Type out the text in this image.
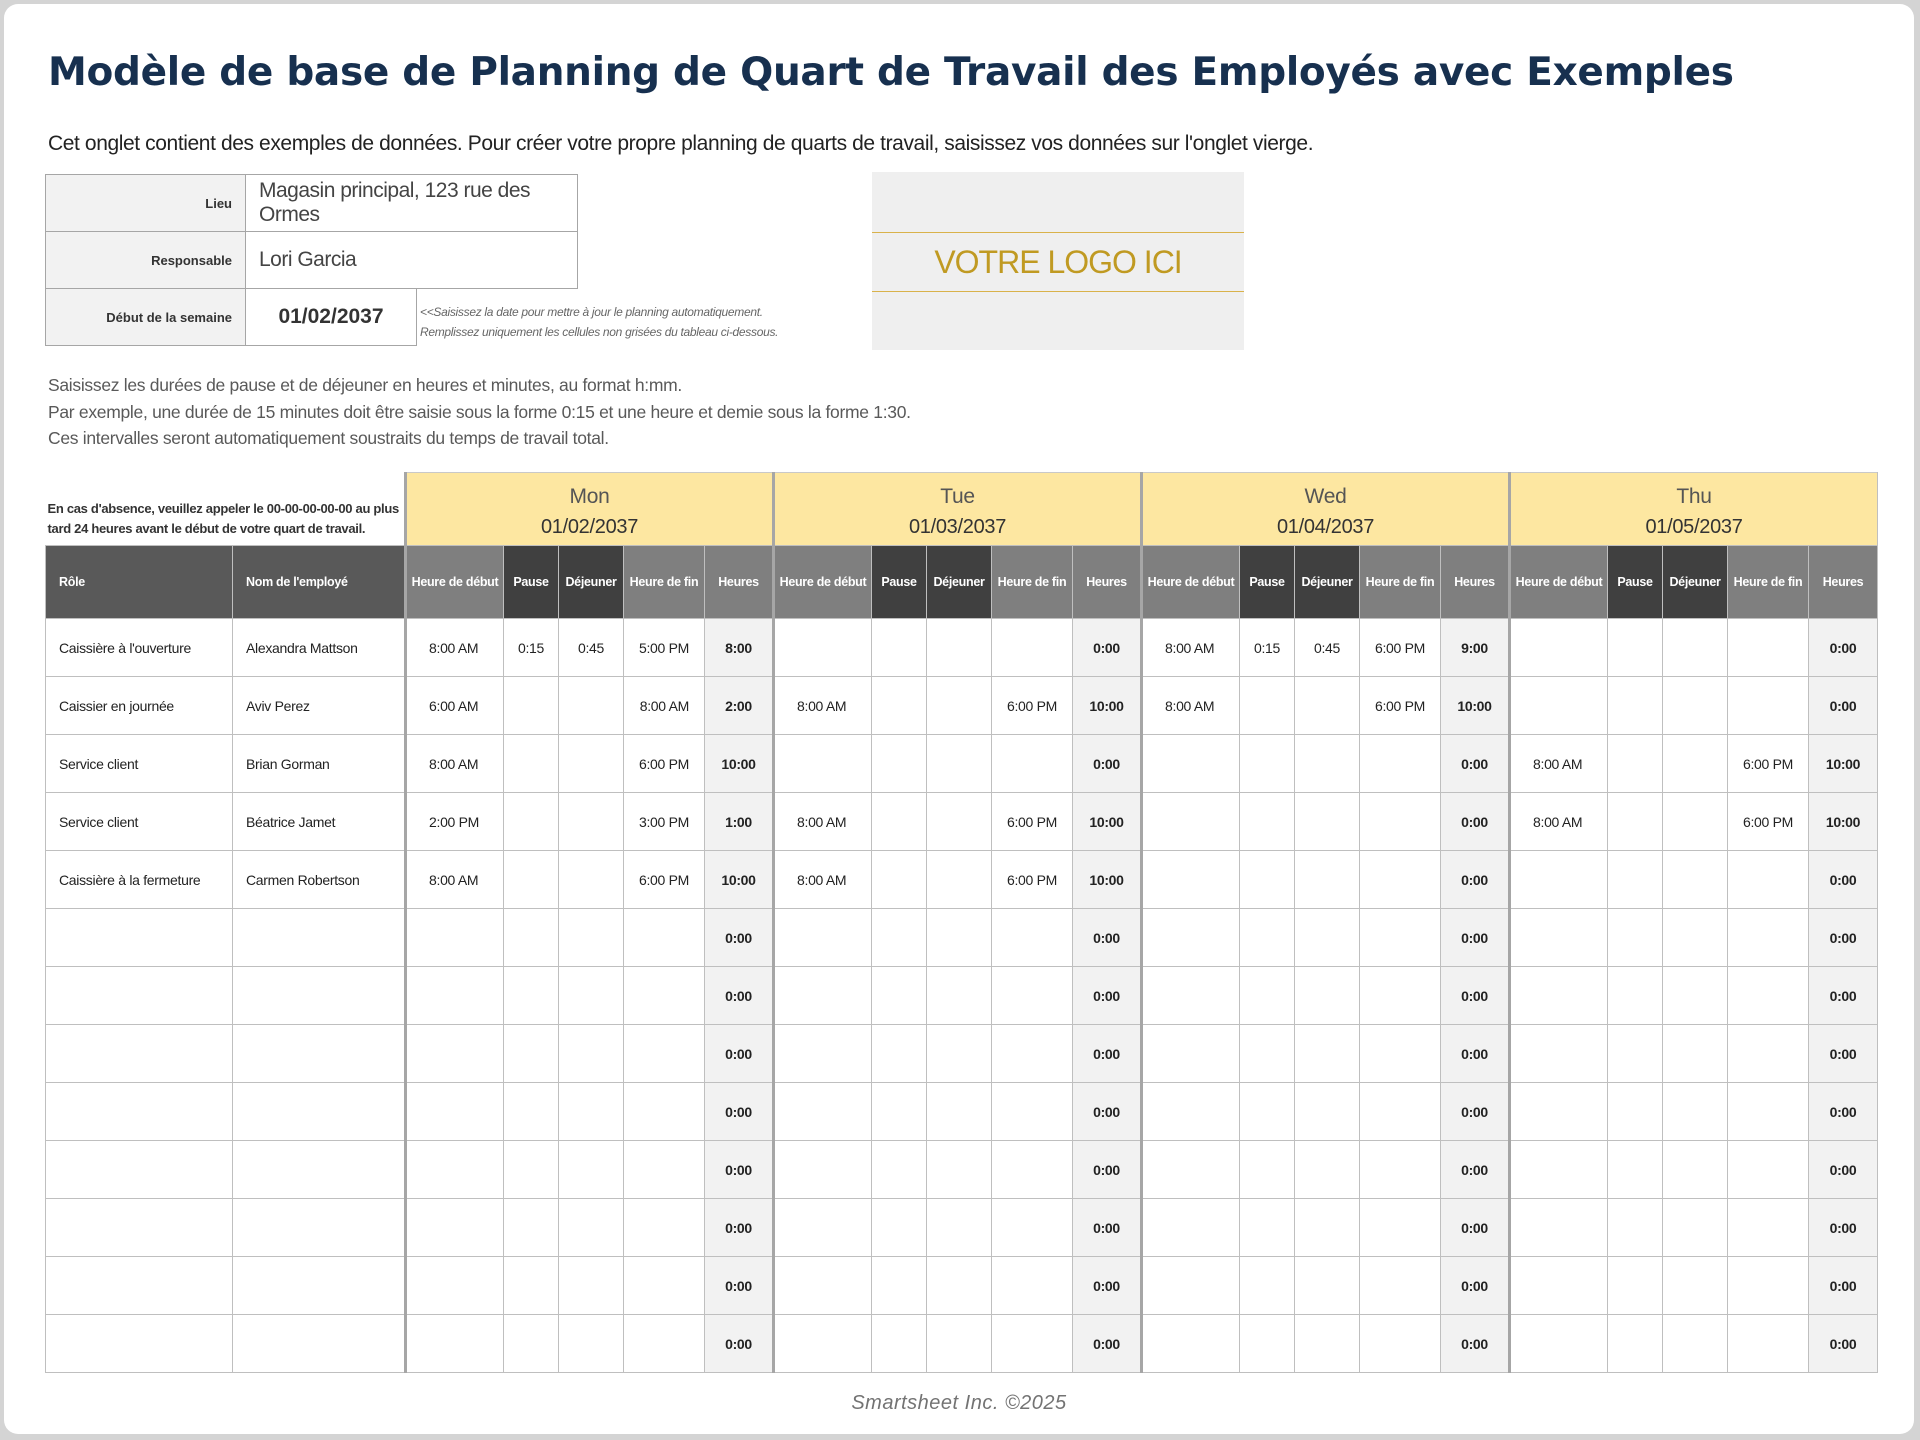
Modèle de base de Planning de Quart de Travail des Employés avec Exemples
Cet onglet contient des exemples de données. Pour créer votre propre planning de quarts de travail, saisissez vos données sur l'onglet vierge.
Lieu	Magasin principal, 123 rue des Ormes	
Responsable	Lori Garcia	
Début de la semaine	01/02/2037		<<Saisissez la date pour mettre à jour le planning automatiquement.
Remplissez uniquement les cellules non grisées du tableau ci-dessous.
VOTRE LOGO ICI
Saisissez les durées de pause et de déjeuner en heures et minutes, au format h:mm.
Par exemple, une durée de 15 minutes doit être saisie sous la forme 0:15 et une heure et demie sous la forme 1:30.
Ces intervalles seront automatiquement soustraits du temps de travail total.
En cas d'absence, veuillez appeler le 00-00-00-00-00 au plus tard 24 heures avant le début de votre quart de travail.		Mon					Tue					Wed					Thu				
		01/02/2037					01/03/2037					01/04/2037					01/05/2037				
Rôle	Nom de l'employé	Heure de début	Pause	Déjeuner	Heure de fin	Heures	Heure de début	Pause	Déjeuner	Heure de fin	Heures	Heure de début	Pause	Déjeuner	Heure de fin	Heures	Heure de début	Pause	Déjeuner	Heure de fin	Heures
Caissière à l'ouverture	Alexandra Mattson	8:00 AM	0:15	0:45	5:00 PM	8:00					0:00	8:00 AM	0:15	0:45	6:00 PM	9:00					0:00
Caissier en journée	Aviv Perez	6:00 AM			8:00 AM	2:00	8:00 AM			6:00 PM	10:00	8:00 AM			6:00 PM	10:00					0:00
Service client	Brian Gorman	8:00 AM			6:00 PM	10:00					0:00					0:00	8:00 AM			6:00 PM	10:00
Service client	Béatrice Jamet	2:00 PM			3:00 PM	1:00	8:00 AM			6:00 PM	10:00					0:00	8:00 AM			6:00 PM	10:00
Caissière à la fermeture	Carmen Robertson	8:00 AM			6:00 PM	10:00	8:00 AM			6:00 PM	10:00					0:00					0:00
						0:00					0:00					0:00					0:00
						0:00					0:00					0:00					0:00
						0:00					0:00					0:00					0:00
						0:00					0:00					0:00					0:00
						0:00					0:00					0:00					0:00
						0:00					0:00					0:00					0:00
						0:00					0:00					0:00					0:00
						0:00					0:00					0:00					0:00
Smartsheet Inc. ©2025
